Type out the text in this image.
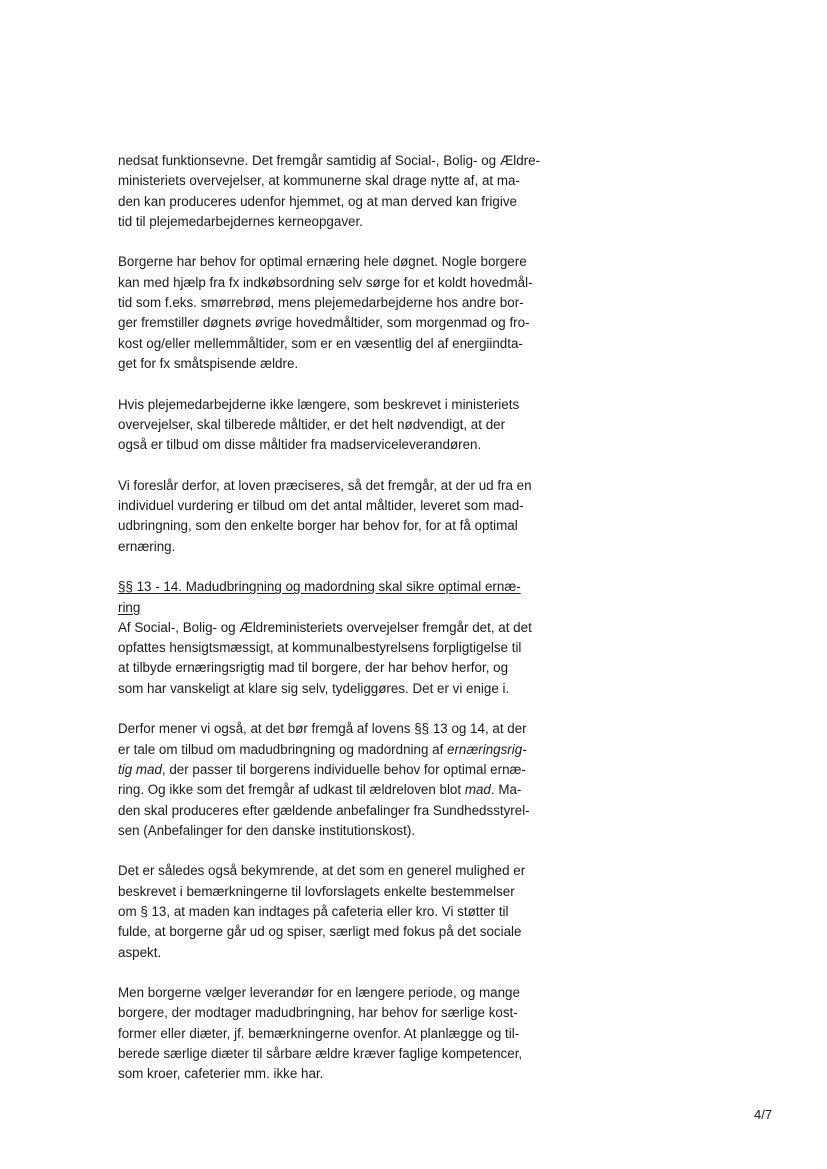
nedsat funktionsevne. Det fremgår samtidig af Social-, Bolig- og Ældre-
ministeriets overvejelser, at kommunerne skal drage nytte af, at ma-
den kan produceres udenfor hjemmet, og at man derved kan frigive
tid til plejemedarbejdernes kerneopgaver.
Borgerne har behov for optimal ernæring hele døgnet. Nogle borgere
kan med hjælp fra fx indkøbsordning selv sørge for et koldt hovedmål-
tid som f.eks. smørrebrød, mens plejemedarbejderne hos andre bor-
ger fremstiller døgnets øvrige hovedmåltider, som morgenmad og fro-
kost og/eller mellemmåltider, som er en væsentlig del af energiindta-
get for fx småtspisende ældre.
Hvis plejemedarbejderne ikke længere, som beskrevet i ministeriets
overvejelser, skal tilberede måltider, er det helt nødvendigt, at der
også er tilbud om disse måltider fra madserviceleverandøren.
Vi foreslår derfor, at loven præciseres, så det fremgår, at der ud fra en
individuel vurdering er tilbud om det antal måltider, leveret som mad-
udbringning, som den enkelte borger har behov for, for at få optimal
ernæring.
§§ 13 - 14. Madudbringning og madordning skal sikre optimal ernæ-
ring
Af Social-, Bolig- og Ældreministeriets overvejelser fremgår det, at det
opfattes hensigtsmæssigt, at kommunalbestyrelsens forpligtigelse til
at tilbyde ernæringsrigtig mad til borgere, der har behov herfor, og
som har vanskeligt at klare sig selv, tydeliggøres. Det er vi enige i.
Derfor mener vi også, at det bør fremgå af lovens §§ 13 og 14, at der
er tale om tilbud om madudbringning og madordning af ernæringsrig-
tig mad, der passer til borgerens individuelle behov for optimal ernæ-
ring. Og ikke som det fremgår af udkast til ældreloven blot mad. Ma-
den skal produceres efter gældende anbefalinger fra Sundhedsstyrel-
sen (Anbefalinger for den danske institutionskost).
Det er således også bekymrende, at det som en generel mulighed er
beskrevet i bemærkningerne til lovforslagets enkelte bestemmelser
om § 13, at maden kan indtages på cafeteria eller kro. Vi støtter til
fulde, at borgerne går ud og spiser, særligt med fokus på det sociale
aspekt.
Men borgerne vælger leverandør for en længere periode, og mange
borgere, der modtager madudbringning, har behov for særlige kost-
former eller diæter, jf. bemærkningerne ovenfor. At planlægge og til-
berede særlige diæter til sårbare ældre kræver faglige kompetencer,
som kroer, cafeterier mm. ikke har.
4/7
